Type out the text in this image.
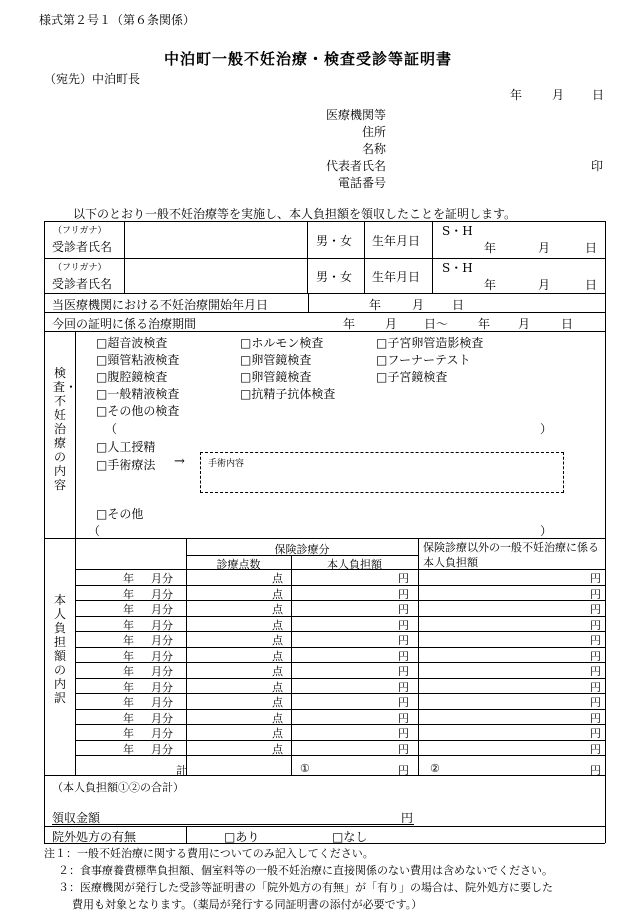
様式第２号１（第６条関係）
中泊町一般不妊治療・検査受診等証明書
（宛先）中泊町長
年 月 日
医療機関等
住所
名称
代表者氏名	印
電話番号
以下のとおり一般不妊治療等を実施し、本人負担額を領収したことを証明します。
（フリガナ）
受診者氏名	男・女 生年月日
S・H
年	月	日
（フリガナ）
受診者氏名	男・女 生年月日
S・H
年	月	日
当医療機関における不妊治療開始年月日	年	月 日
今回の証明に係る治療期間	年 月 日～ 年 月	日
検査・不妊治療の内容
□超音波検査
□頸管粘液検査
□腹腔鏡検査
□一般精液検査
□その他の検査
□ホルモン検査
□卵管鏡検査
□卵管鏡検査
□抗精子抗体検査
□子宮卵管造影検査
□フーナーテスト
□子宮鏡検査
（	）
□人工授精
□手術療法 →	手術内容
□その他
（	）
本人負担額の内訳
保険診療分
診療点数	本人負担額
保険診療以外の一般不妊治療に係る本人負担額
年 月分	点	円	円
年 月分	点	円	円
年 月分	点	円	円
年 月分	点	円	円
年 月分	点	円	円
年 月分	点	円	円
年 月分	点	円	円
年 月分	点	円	円
年 月分	点	円	円
年 月分	点	円	円
年 月分	点	円	円
年 月分	点	円	円
計	①	円 ②	円
（本人負担額①②の合計）
領収金額	円
院外処方の有無	□あり	□なし
注１：一般不妊治療に関する費用についてのみ記入してください。
２：食事療養費標準負担額、個室料等の一般不妊治療に直接関係のない費用は含めないでください。
３：医療機関が発行した受診等証明書の「院外処方の有無」が「有り」の場合は、院外処方に要した
費用も対象となります。（薬局が発行する同証明書の添付が必要です。）
